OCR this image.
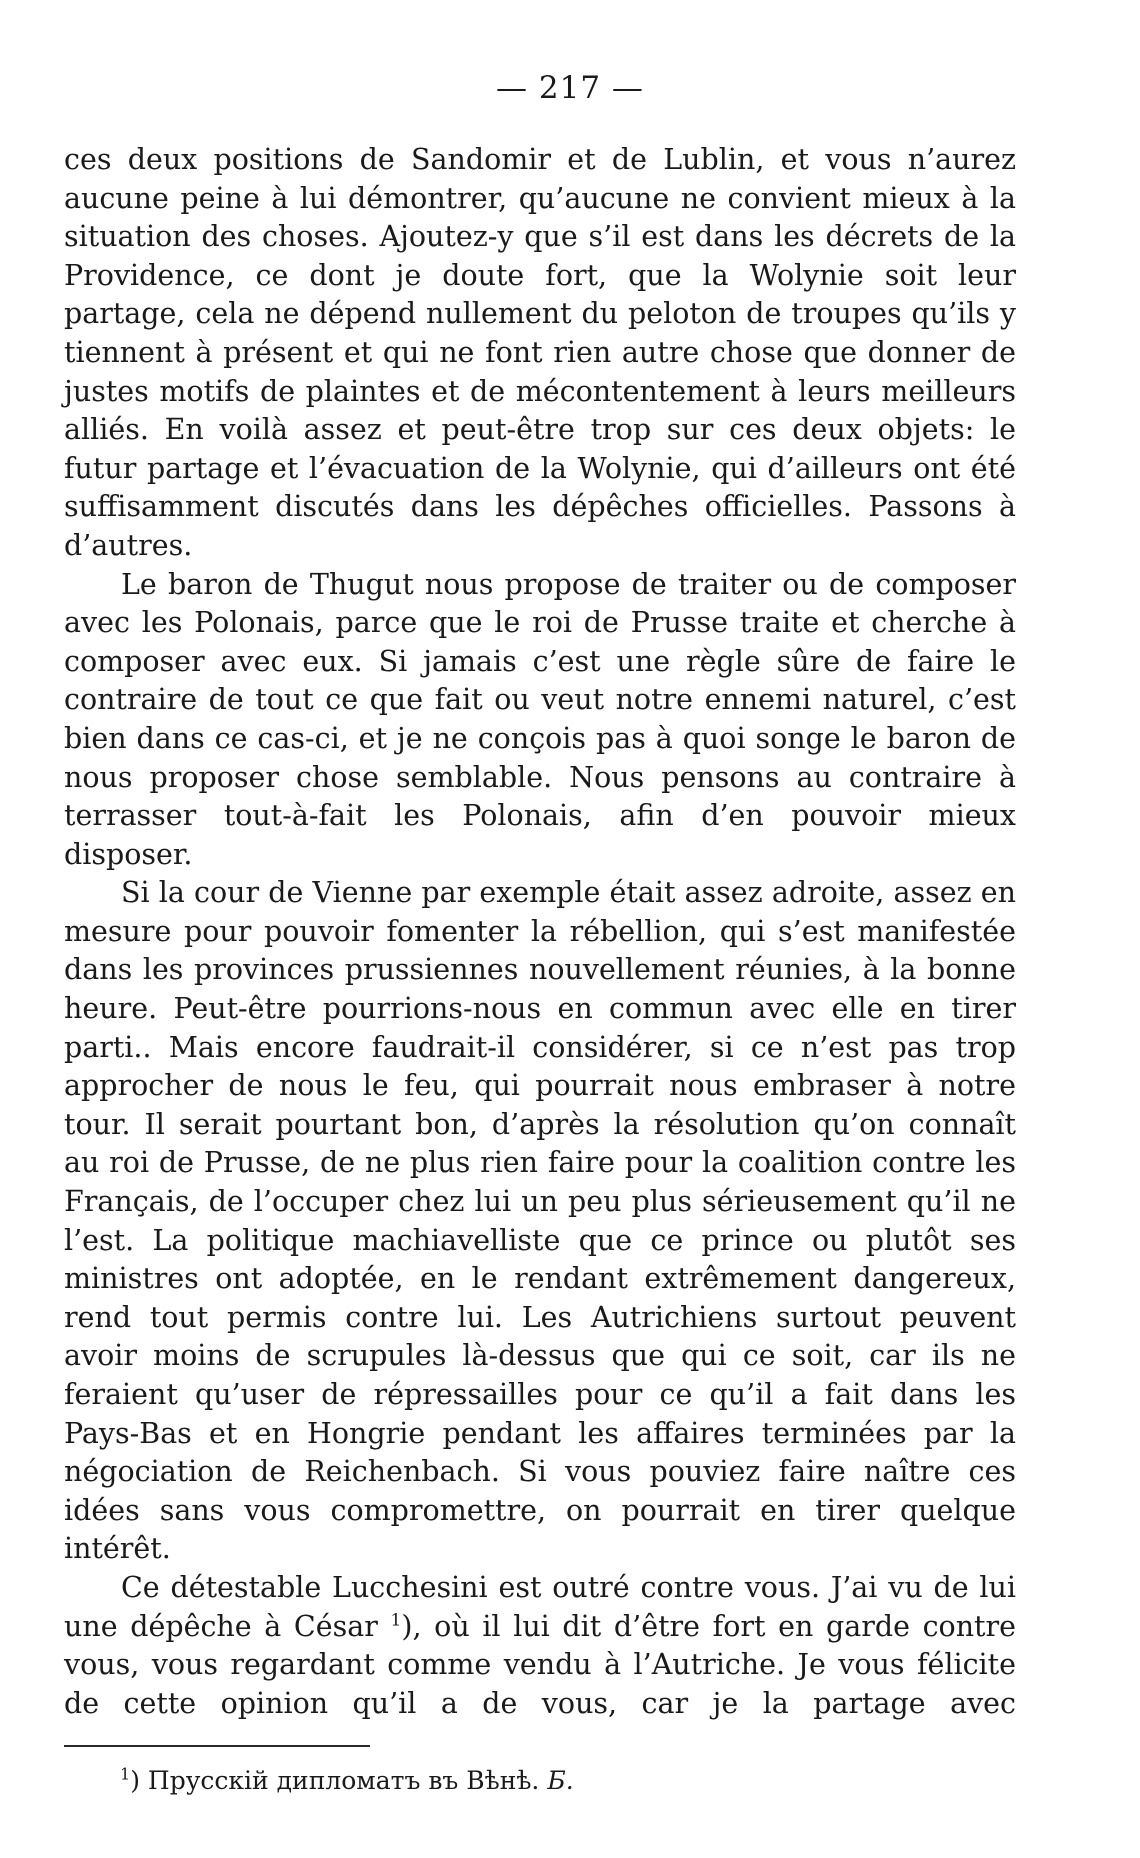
— 217 —

ces deux positions de Sandomir et de Lublin, et vous n’aurez aucune peine à lui démontrer, qu’aucune ne convient mieux à la situation des choses. Ajoutez-y que s’il est dans les décrets de la Providence, ce dont je doute fort, que la Wolynie soit leur partage, cela ne dépend nullement du peloton de troupes qu’ils y tiennent à présent et qui ne font rien autre chose que donner de justes motifs de plaintes et de mécontentement à leurs meilleurs alliés. En voilà assez et peut-être trop sur ces deux objets: le futur partage et l’évacuation de la Wolynie, qui d’ailleurs ont été suffisamment discutés dans les dépêches officielles. Passons à d’autres.

Le baron de Thugut nous propose de traiter ou de composer avec les Polonais, parce que le roi de Prusse traite et cherche à composer avec eux. Si jamais c’est une règle sûre de faire le contraire de tout ce que fait ou veut notre ennemi naturel, c’est bien dans ce cas-ci, et je ne conçois pas à quoi songe le baron de nous proposer chose semblable. Nous pensons au contraire à terrasser tout-à-fait les Polonais, afin d’en pouvoir mieux disposer.

Si la cour de Vienne par exemple était assez adroite, assez en mesure pour pouvoir fomenter la rébellion, qui s’est manifestée dans les provinces prussiennes nouvellement réunies, à la bonne heure. Peut-être pourrions-nous en commun avec elle en tirer parti.. Mais encore faudrait-il considérer, si ce n’est pas trop approcher de nous le feu, qui pourrait nous embraser à notre tour. Il serait pourtant bon, d’après la résolution qu’on connaît au roi de Prusse, de ne plus rien faire pour la coalition contre les Français, de l’occuper chez lui un peu plus sérieusement qu’il ne l’est. La politique machiavelliste que ce prince ou plutôt ses ministres ont adoptée, en le rendant extrêmement dangereux, rend tout permis contre lui. Les Autrichiens surtout peuvent avoir moins de scrupules là-dessus que qui ce soit, car ils ne feraient qu’user de répressailles pour ce qu’il a fait dans les Pays-Bas et en Hongrie pendant les affaires terminées par la négociation de Reichenbach. Si vous pouviez faire naître ces idées sans vous compromettre, on pourrait en tirer quelque intérêt.

Ce détestable Lucchesini est outré contre vous. J’ai vu de lui une dépêche à César $^1$), où il lui dit d’être fort en garde contre vous, vous regardant comme vendu à l’Autriche. Je vous félicite de cette opinion qu’il a de vous, car je la partage avec

$^1$) Прусскій дипломатъ въ Вѣнѣ. Б.
